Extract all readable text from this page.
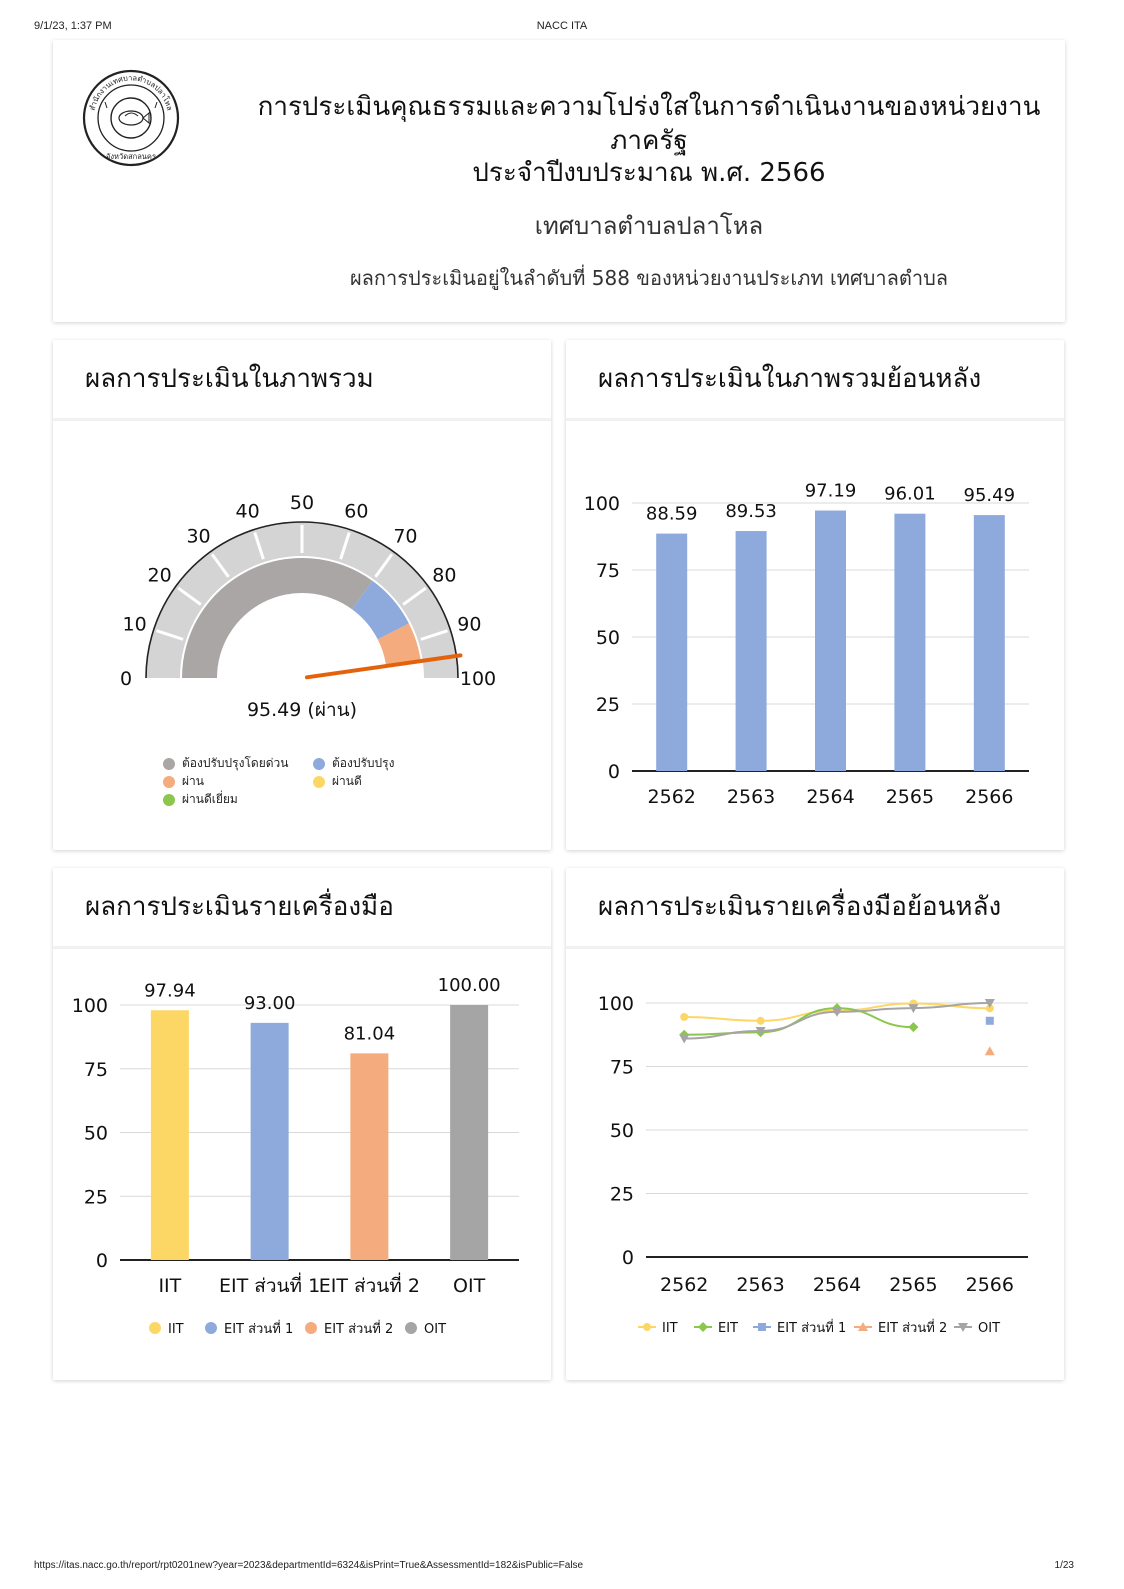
9/1/23, 1:37 PM	NACC ITA
https://itas.nacc.go.th/report/rpt0201new?year=2023&departmentId=6324&isPrint=True&AssessmentId=182&isPublic=False	1/23
จังหวัดสกลนคร
สำนักงานเทศบาลตำบลปลาโหล	การประเมินคุณธรรมและความโปร่งใสในการดำเนินงานของหน่วยงาน
ภาครัฐ
ประจำปีงบประมาณ พ.ศ. 2566
เทศบาลตำบลปลาโหล
ผลการประเมินอยู่ในลำดับที่ 588 ของหน่วยงานประเภท เทศบาลตำบล
ผลการประเมินในภาพรวม
0
10
20
30
40 50 60
70
80
90
100
95.49 (ผ่าน)
ต้องปรับปรุงโดยด่วน	ต้องปรับปรุง
ผ่าน	ผ่านดี
ผ่านดีเยี่ยม
ผลการประเมินในภาพรวมย้อนหลัง
0
25
50
75
100 88.59
2562
89.53
2563
97.19
2564
96.01
2565
95.49
2566
ผลการประเมินรายเครื่องมือ
0
25
50
75
100
97.94
IIT
93.00
EIT ส่วนที่ 1
81.04
EIT ส่วนที่ 2
100.00
OIT
IIT	EIT ส่วนที่ 1 EIT ส่วนที่ 2 OIT
ผลการประเมินรายเครื่องมือย้อนหลัง
0
25
50
75
100
2562 2563 2564 2565 2566
IIT	EIT	EIT ส่วนที่ 1 EIT ส่วนที่ 2 OIT
